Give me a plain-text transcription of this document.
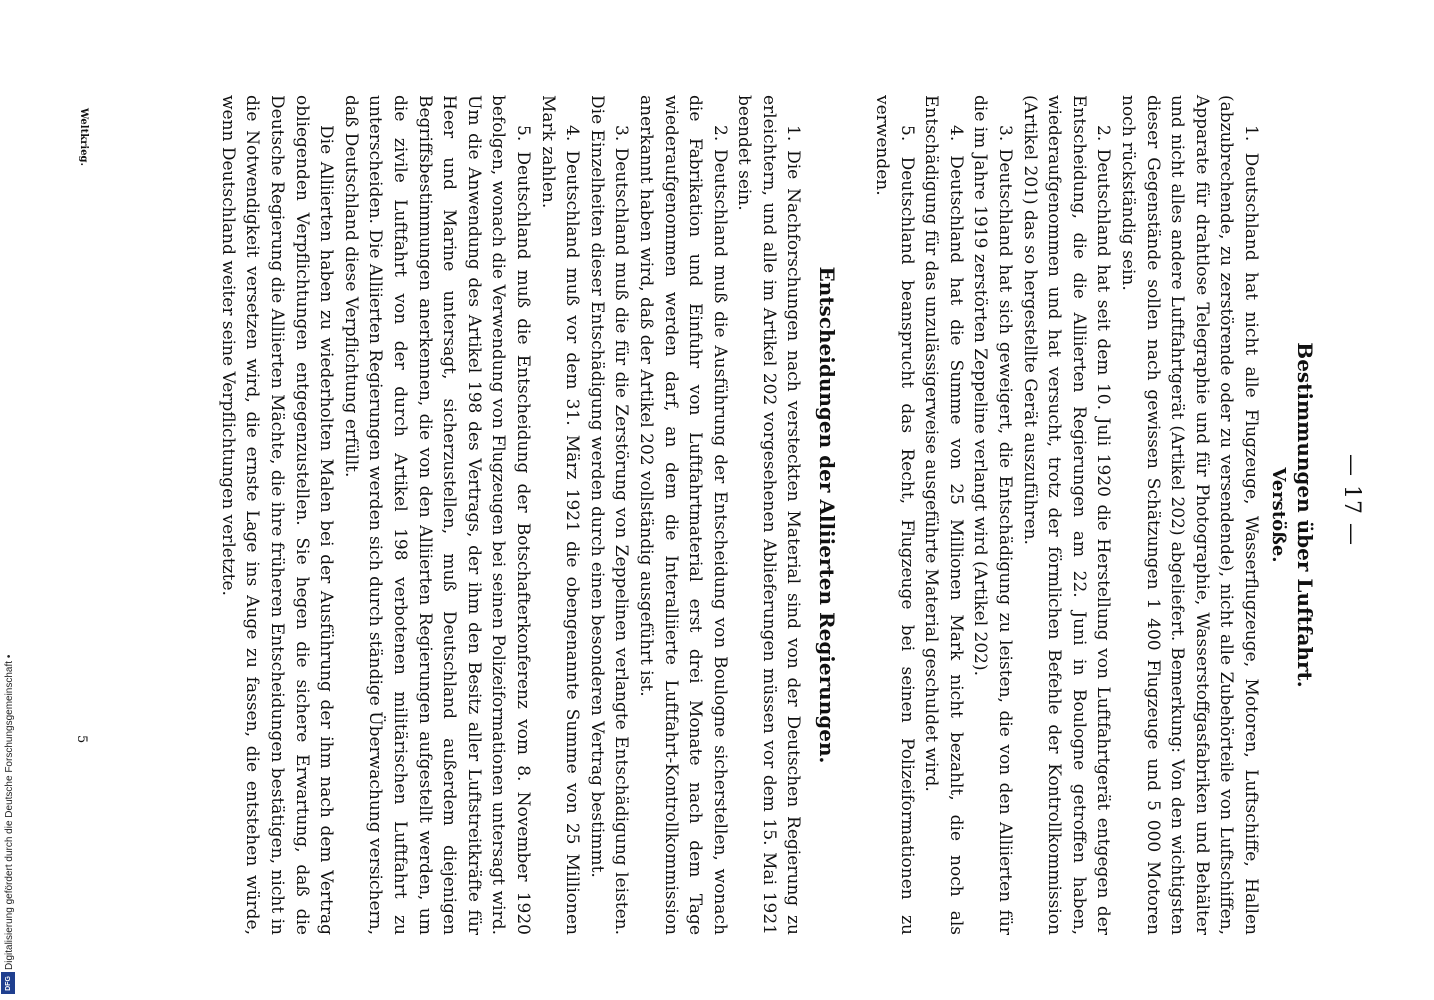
— 17 —
Bestimmungen über Luftfahrt.
Verstöße.

1. Deutschland hat nicht alle Flugzeuge, Wasserflugzeuge, Motoren, Luftschiffe, Hallen (abzubrechende, zu zerstörende oder zu versendende), nicht alle Zubehörteile von Luftschiffen, Apparate für drahtlose Telegraphie und für Photographie, Wasserstoffgasfabriken und Behälter und nicht alles andere Luftfahrtgerät (Artikel 202) abgeliefert. Bemerkung: Von den wichtigsten dieser Gegenstände sollen nach gewissen Schätzungen 1 400 Flugzeuge und 5 000 Motoren noch rückständig sein.

2. Deutschland hat seit dem 10. Juli 1920 die Herstellung von Luftfahrtgerät entgegen der Entscheidung, die die Alliierten Regierungen am 22. Juni in Boulogne getroffen haben, wiederaufgenommen und hat versucht, trotz der förmlichen Befehle der Kontrollkommission (Artikel 201) das so hergestellte Gerät auszuführen.

3. Deutschland hat sich geweigert, die Entschädigung zu leisten, die von den Alliierten für die im Jahre 1919 zerstörten Zeppeline verlangt wird (Artikel 202).

4. Deutschland hat die Summe von 25 Millionen Mark nicht bezahlt, die noch als Entschädigung für das unzulässigerweise ausgeführte Material geschuldet wird.

5. Deutschland beansprucht das Recht, Flugzeuge bei seinen Polizeiformationen zu verwenden.

Entscheidungen der Alliierten Regierungen.

1. Die Nachforschungen nach versteckten Material sind von der Deutschen Regierung zu erleichtern, und alle im Artikel 202 vorgesehenen Ablieferungen müssen vor dem 15. Mai 1921 beendet sein.

2. Deutschland muß die Ausführung der Entscheidung von Boulogne sicherstellen, wonach die Fabrikation und Einfuhr von Luftfahrtmaterial erst drei Monate nach dem Tage wiederaufgenommen werden darf, an dem die Interalliierte Luftfahrt-Kontrollkommission anerkannt haben wird, daß der Artikel 202 vollständig ausgeführt ist.

3. Deutschland muß die für die Zerstörung von Zeppelinen verlangte Entschädigung leisten. Die Einzelheiten dieser Entschädigung werden durch einen besonderen Vertrag bestimmt.

4. Deutschland muß vor dem 31. März 1921 die obengenannte Summe von 25 Millionen Mark zahlen.

5. Deutschland muß die Entscheidung der Botschafterkonferenz vom 8. November 1920 befolgen, wonach die Verwendung von Flugzeugen bei seinen Polizeiformationen untersagt wird. Um die Anwendung des Artikel 198 des Vertrags, der ihm den Besitz aller Luftstreitkräfte für Heer und Marine untersagt, sicherzustellen, muß Deutschland außerdem diejenigen Begriffsbestimmungen anerkennen, die von den Alliierten Regierungen aufgestellt werden, um die zivile Luftfahrt von der durch Artikel 198 verbotenen militärischen Luftfahrt zu unterscheiden. Die Alliierten Regierungen werden sich durch ständige Überwachung versichern, daß Deutschland diese Verpflichtung erfüllt.

Die Alliierten haben zu wiederholten Malen bei der Ausführung der ihm nach dem Vertrag obliegenden Verpflichtungen entgegenzustellen. Sie hegen die sichere Erwartung, daß die Deutsche Regierung die Alliierten Mächte, die ihre früheren Entscheidungen bestätigen, nicht in die Notwendigkeit versetzen wird, die ernste Lage ins Auge zu fassen, die entstehen würde, wenn Deutschland weiter seine Verpflichtungen verletzte.

Weltkrieg.
5
Digitalisierung gefördert durch die Deutsche Forschungsgemeinschaft •
DFG
